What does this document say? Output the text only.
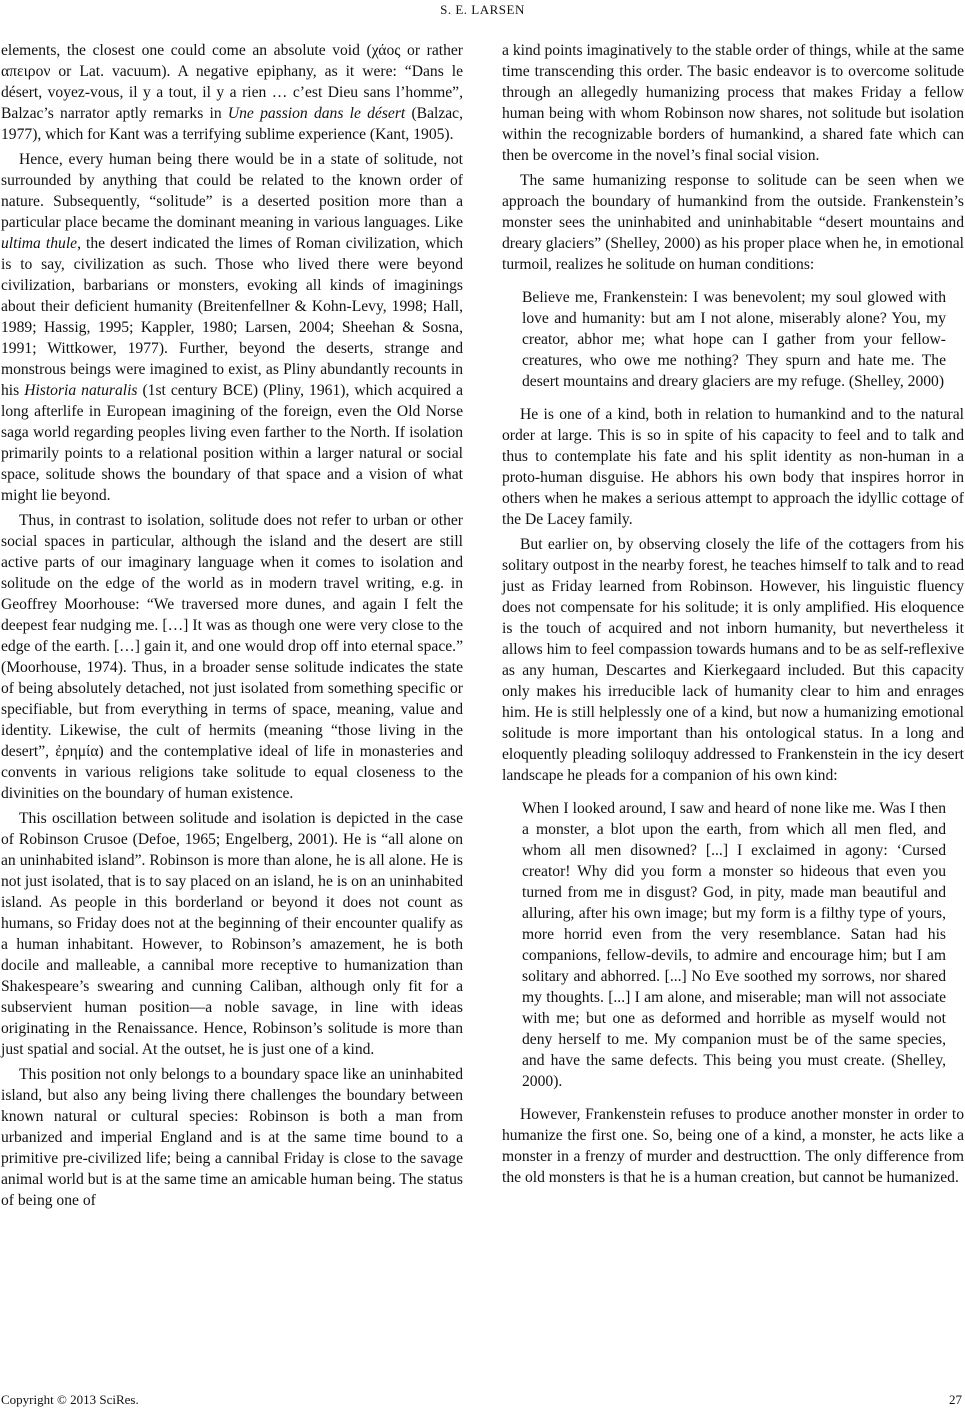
S. E. LARSEN

elements, the closest one could come an absolute void (χάος or rather απειρον or Lat. vacuum). A negative epiphany, as it were: “Dans le désert, voyez-vous, il y a tout, il y a rien … c’est Dieu sans l’homme”, Balzac’s narrator aptly remarks in Une passion dans le désert (Balzac, 1977), which for Kant was a terrifying sublime experience (Kant, 1905).

Hence, every human being there would be in a state of solitude, not surrounded by anything that could be related to the known order of nature. Subsequently, “solitude” is a deserted position more than a particular place became the dominant meaning in various languages. Like ultima thule, the desert indicated the limes of Roman civilization, which is to say, civilization as such. Those who lived there were beyond civilization, barbarians or monsters, evoking all kinds of imaginings about their deficient humanity (Breitenfellner & Kohn-Levy, 1998; Hall, 1989; Hassig, 1995; Kappler, 1980; Larsen, 2004; Sheehan & Sosna, 1991; Wittkower, 1977). Further, beyond the deserts, strange and monstrous beings were imagined to exist, as Pliny abundantly recounts in his Historia naturalis (1st century BCE) (Pliny, 1961), which acquired a long afterlife in European imagining of the foreign, even the Old Norse saga world regarding peoples living even farther to the North. If isolation primarily points to a relational position within a larger natural or social space, solitude shows the boundary of that space and a vision of what might lie beyond.

Thus, in contrast to isolation, solitude does not refer to urban or other social spaces in particular, although the island and the desert are still active parts of our imaginary language when it comes to isolation and solitude on the edge of the world as in modern travel writing, e.g. in Geoffrey Moorhouse: “We traversed more dunes, and again I felt the deepest fear nudging me. […] It was as though one were very close to the edge of the earth. […] gain it, and one would drop off into eternal space.” (Moorhouse, 1974). Thus, in a broader sense solitude indicates the state of being absolutely detached, not just isolated from something specific or specifiable, but from everything in terms of space, meaning, value and identity. Likewise, the cult of hermits (meaning “those living in the desert”, ἐρημία) and the contemplative ideal of life in monasteries and convents in various religions take solitude to equal closeness to the divinities on the boundary of human existence.

This oscillation between solitude and isolation is depicted in the case of Robinson Crusoe (Defoe, 1965; Engelberg, 2001). He is “all alone on an uninhabited island”. Robinson is more than alone, he is all alone. He is not just isolated, that is to say placed on an island, he is on an uninhabited island. As people in this borderland or beyond it does not count as humans, so Friday does not at the beginning of their encounter qualify as a human inhabitant. However, to Robinson’s amazement, he is both docile and malleable, a cannibal more receptive to humanization than Shakespeare’s swearing and cunning Caliban, although only fit for a subservient human position—a noble savage, in line with ideas originating in the Renaissance. Hence, Robinson’s solitude is more than just spatial and social. At the outset, he is just one of a kind.

This position not only belongs to a boundary space like an uninhabited island, but also any being living there challenges the boundary between known natural or cultural species: Robinson is both a man from urbanized and imperial England and is at the same time bound to a primitive pre-civilized life; being a cannibal Friday is close to the savage animal world but is at the same time an amicable human being. The status of being one of

a kind points imaginatively to the stable order of things, while at the same time transcending this order. The basic endeavor is to overcome solitude through an allegedly humanizing process that makes Friday a fellow human being with whom Robinson now shares, not solitude but isolation within the recognizable borders of humankind, a shared fate which can then be overcome in the novel’s final social vision.

The same humanizing response to solitude can be seen when we approach the boundary of humankind from the outside. Frankenstein’s monster sees the uninhabited and uninhabitable “desert mountains and dreary glaciers” (Shelley, 2000) as his proper place when he, in emotional turmoil, realizes he solitude on human conditions:

Believe me, Frankenstein: I was benevolent; my soul glowed with love and humanity: but am I not alone, miserably alone? You, my creator, abhor me; what hope can I gather from your fellow-creatures, who owe me nothing? They spurn and hate me. The desert mountains and dreary glaciers are my refuge. (Shelley, 2000)

He is one of a kind, both in relation to humankind and to the natural order at large. This is so in spite of his capacity to feel and to talk and thus to contemplate his fate and his split identity as non-human in a proto-human disguise. He abhors his own body that inspires horror in others when he makes a serious attempt to approach the idyllic cottage of the De Lacey family.

But earlier on, by observing closely the life of the cottagers from his solitary outpost in the nearby forest, he teaches himself to talk and to read just as Friday learned from Robinson. However, his linguistic fluency does not compensate for his solitude; it is only amplified. His eloquence is the touch of acquired and not inborn humanity, but nevertheless it allows him to feel compassion towards humans and to be as self-reflexive as any human, Descartes and Kierkegaard included. But this capacity only makes his irreducible lack of humanity clear to him and enrages him. He is still helplessly one of a kind, but now a humanizing emotional solitude is more important than his ontological status. In a long and eloquently pleading soliloquy addressed to Frankenstein in the icy desert landscape he pleads for a companion of his own kind:

When I looked around, I saw and heard of none like me. Was I then a monster, a blot upon the earth, from which all men fled, and whom all men disowned? [...] I exclaimed in agony: ‘Cursed creator! Why did you form a monster so hideous that even you turned from me in disgust? God, in pity, made man beautiful and alluring, after his own image; but my form is a filthy type of yours, more horrid even from the very resemblance. Satan had his companions, fellow-devils, to admire and encourage him; but I am solitary and abhorred. [...] No Eve soothed my sorrows, nor shared my thoughts. [...] I am alone, and miserable; man will not associate with me; but one as deformed and horrible as myself would not deny herself to me. My companion must be of the same species, and have the same defects. This being you must create. (Shelley, 2000).

However, Frankenstein refuses to produce another monster in order to humanize the first one. So, being one of a kind, a monster, he acts like a monster in a frenzy of murder and destructtion. The only difference from the old monsters is that he is a human creation, but cannot be humanized.

Copyright © 2013 SciRes.	27
